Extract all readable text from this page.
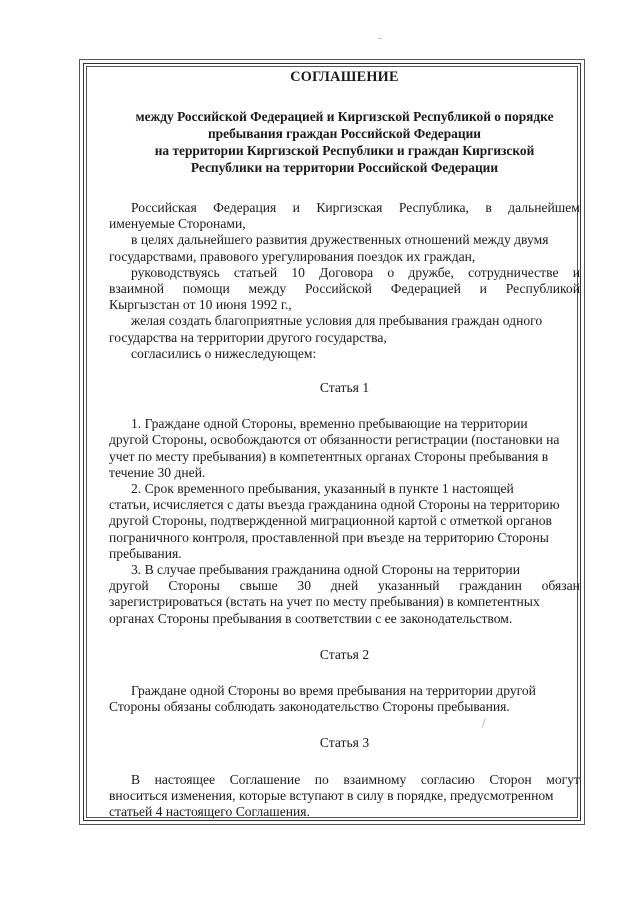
СОГЛАШЕНИЕ
между Российской Федерацией и Киргизской Республикой о порядке
пребывания граждан Российской Федерации
на территории Киргизской Республики и граждан Киргизской
Республики на территории Российской Федерации
Российская Федерация и Киргизская Республика, в дальнейшем
именуемые Сторонами,
в целях дальнейшего развития дружественных отношений между двумя
государствами, правового урегулирования поездок их граждан,
руководствуясь статьей 10 Договора о дружбе, сотрудничестве и
взаимной помощи между Российской Федерацией и Республикой
Кыргызстан от 10 июня 1992 г.,
желая создать благоприятные условия для пребывания граждан одного
государства на территории другого государства,
согласились о нижеследующем:
Статья 1
1. Граждане одной Стороны, временно пребывающие на территории
другой Стороны, освобождаются от обязанности регистрации (постановки на
учет по месту пребывания) в компетентных органах Стороны пребывания в
течение 30 дней.
2. Срок временного пребывания, указанный в пункте 1 настоящей
статьи, исчисляется с даты въезда гражданина одной Стороны на территорию
другой Стороны, подтвержденной миграционной картой с отметкой органов
пограничного контроля, проставленной при въезде на территорию Стороны
пребывания.
3. В случае пребывания гражданина одной Стороны на территории
другой Стороны свыше 30 дней указанный гражданин обязан
зарегистрироваться (встать на учет по месту пребывания) в компетентных
органах Стороны пребывания в соответствии с ее законодательством.
Статья 2
Граждане одной Стороны во время пребывания на территории другой
Стороны обязаны соблюдать законодательство Стороны пребывания.
Статья 3
В настоящее Соглашение по взаимному согласию Сторон могут
вноситься изменения, которые вступают в силу в порядке, предусмотренном
статьей 4 настоящего Соглашения.
